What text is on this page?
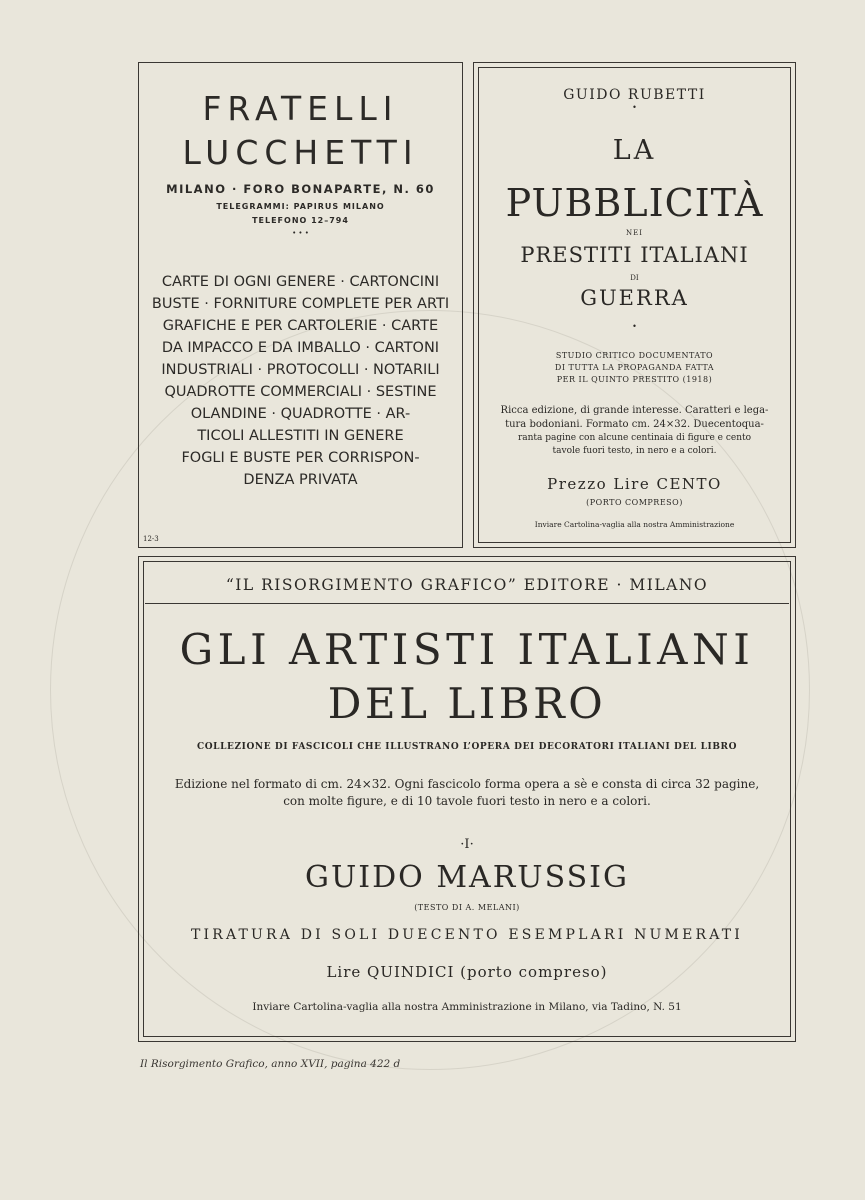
FRATELLI
LUCCHETTI
MILANO · FORO BONAPARTE, N. 60
TELEGRAMMI: PAPIRUS MILANO
TELEFONO 12–794
• • •
CARTE DI OGNI GENERE · CARTONCINI
BUSTE · FORNITURE COMPLETE PER ARTI
GRAFICHE E PER CARTOLERIE · CARTE
DA IMPACCO E DA IMBALLO · CARTONI
INDUSTRIALI · PROTOCOLLI · NOTARILI
QUADROTTE COMMERCIALI · SESTINE
OLANDINE · QUADROTTE · AR-
TICOLI ALLESTITI IN GENERE
FOGLI E BUSTE PER CORRISPON-
DENZA PRIVATA
12-3
GUIDO RUBETTI
•
LA
PUBBLICITÀ
NEI
PRESTITI ITALIANI
DI
GUERRA
•
STUDIO CRITICO DOCUMENTATO
DI TUTTA LA PROPAGANDA FATTA
PER IL QUINTO PRESTITO (1918)
Ricca edizione, di grande interesse. Caratteri e lega-
tura bodoniani. Formato cm. 24×32. Duecentoqua-
ranta pagine con alcune centinaia di figure e cento
tavole fuori testo, in nero e a colori.
Prezzo Lire CENTO
(PORTO COMPRESO)
Inviare Cartolina-vaglia alla nostra Amministrazione
“IL RISORGIMENTO GRAFICO” EDITORE · MILANO
GLI ARTISTI ITALIANI
DEL LIBRO
COLLEZIONE DI FASCICOLI CHE ILLUSTRANO L’OPERA DEI DECORATORI ITALIANI DEL LIBRO
Edizione nel formato di cm. 24×32. Ogni fascicolo forma opera a sè e consta di circa 32 pagine,
con molte figure, e di 10 tavole fuori testo in nero e a colori.
·I·
GUIDO MARUSSIG
(TESTO DI A. MELANI)
TIRATURA DI SOLI DUECENTO ESEMPLARI NUMERATI
Lire QUINDICI (porto compreso)
Inviare Cartolina-vaglia alla nostra Amministrazione in Milano, via Tadino, N. 51
Il Risorgimento Grafico, anno XVII, pagina 422 d
